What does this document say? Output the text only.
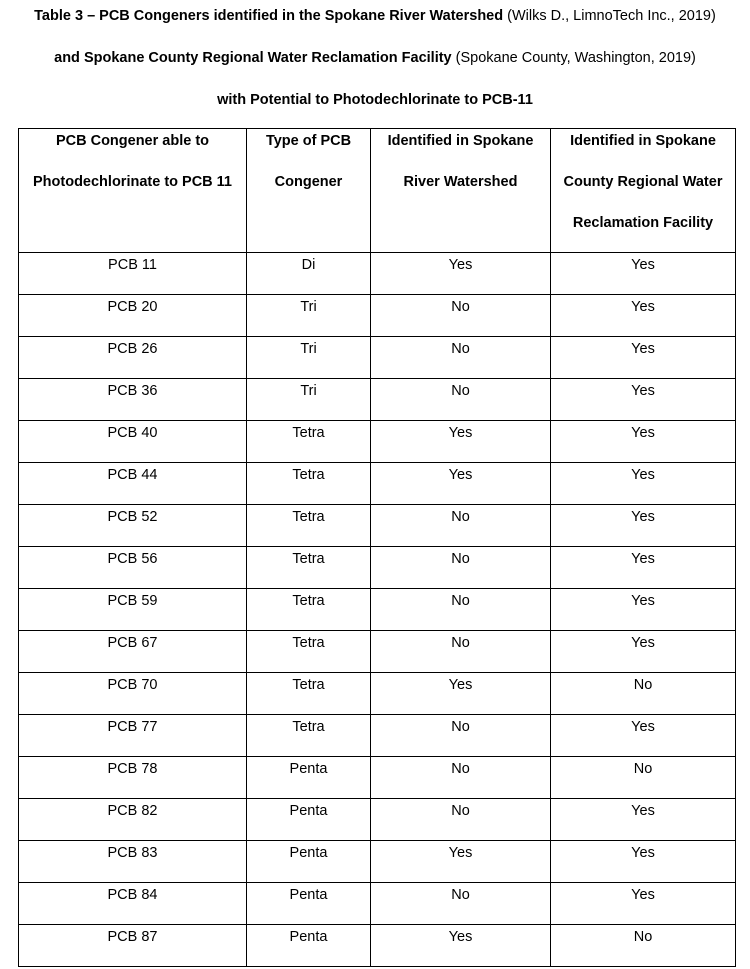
Table 3 – PCB Congeners identified in the Spokane River Watershed (Wilks D., LimnoTech Inc., 2019)
and Spokane County Regional Water Reclamation Facility (Spokane County, Washington, 2019)
with Potential to Photodechlorinate to PCB-11
PCB Congener able to Photodechlorinate to PCB 11	Type of PCB Congener	Identified in Spokane River Watershed	Identified in Spokane County Regional Water Reclamation Facility

PCB 11	Di	Yes	Yes
PCB 20	Tri	No	Yes
PCB 26	Tri	No	Yes
PCB 36	Tri	No	Yes
PCB 40	Tetra	Yes	Yes
PCB 44	Tetra	Yes	Yes
PCB 52	Tetra	No	Yes
PCB 56	Tetra	No	Yes
PCB 59	Tetra	No	Yes
PCB 67	Tetra	No	Yes
PCB 70	Tetra	Yes	No
PCB 77	Tetra	No	Yes
PCB 78	Penta	No	No
PCB 82	Penta	No	Yes
PCB 83	Penta	Yes	Yes
PCB 84	Penta	No	Yes
PCB 87	Penta	Yes	No
